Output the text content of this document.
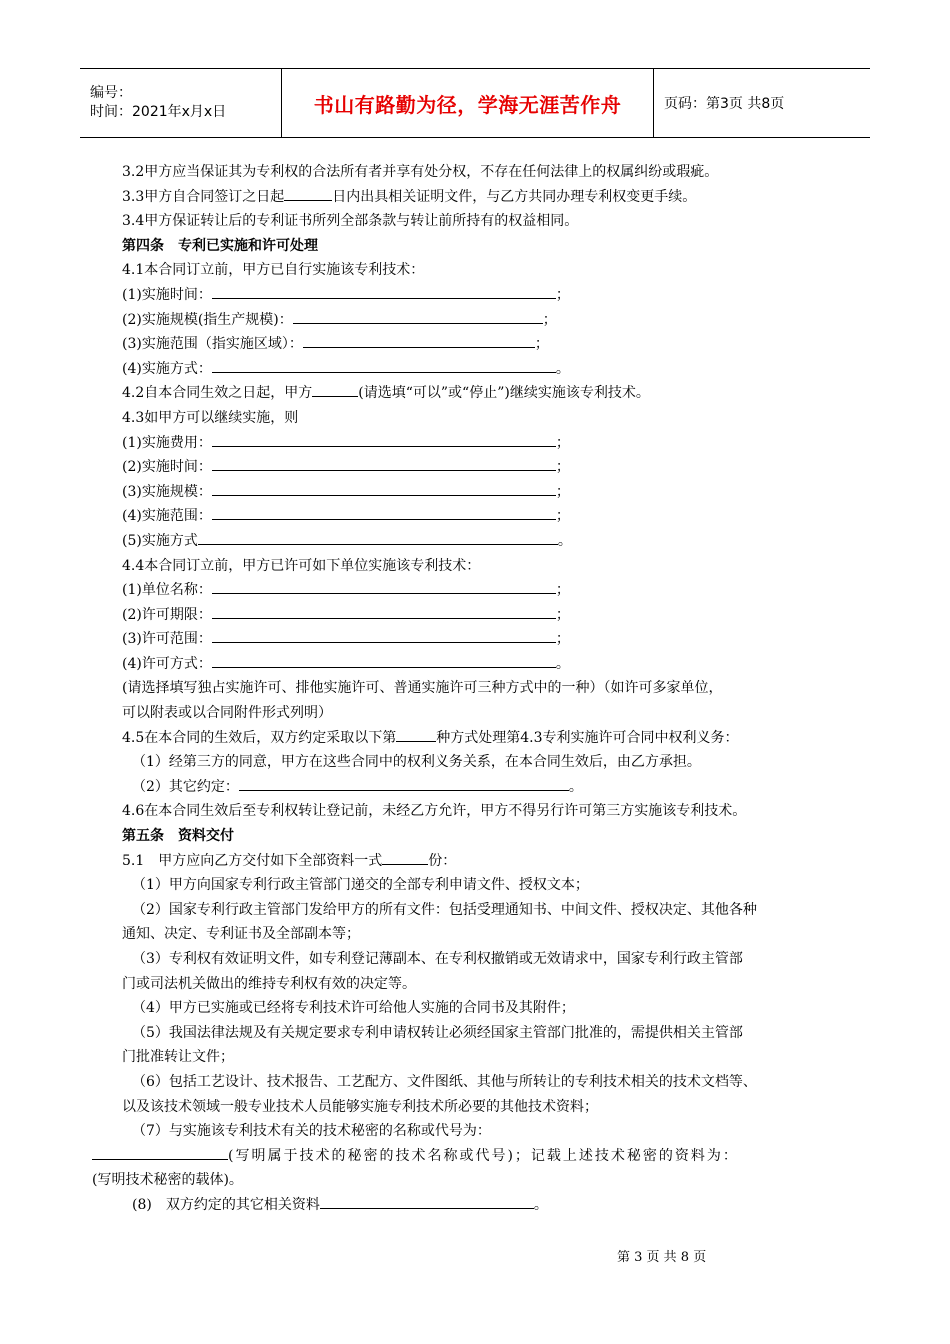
编号：
时间：2021年x月x日	书山有路勤为径，学海无涯苦作舟	页码：第3页 共8页
3.2甲方应当保证其为专利权的合法所有者并享有处分权，不存在任何法律上的权属纠纷或瑕疵。
3.3甲方自合同签订之日起	日内出具相关证明文件，与乙方共同办理专利权变更手续。
3.4甲方保证转让后的专利证书所列全部条款与转让前所持有的权益相同。
第四条　专利已实施和许可处理
4.1本合同订立前，甲方已自行实施该专利技术：
(1)实施时间：	；
(2)实施规模(指生产规模)：	；
(3)实施范围（指实施区域）：	；
(4)实施方式：	。
4.2自本合同生效之日起，甲方	(请选填“可以”或“停止”)继续实施该专利技术。
4.3如甲方可以继续实施，则
(1)实施费用：	；
(2)实施时间：	；
(3)实施规模：	；
(4)实施范围：	；
(5)实施方式	。
4.4本合同订立前，甲方已许可如下单位实施该专利技术：
(1)单位名称：	；
(2)许可期限：	；
(3)许可范围：	；
(4)许可方式：	。
(请选择填写独占实施许可、排他实施许可、普通实施许可三种方式中的一种）（如许可多家单位，
可以附表或以合同附件形式列明）
4.5在本合同的生效后，双方约定采取以下第	种方式处理第4.3专利实施许可合同中权利义务：
（1）经第三方的同意，甲方在这些合同中的权利义务关系，在本合同生效后，由乙方承担。
（2）其它约定：	。
4.6在本合同生效后至专利权转让登记前，未经乙方允许，甲方不得另行许可第三方实施该专利技术。
第五条　资料交付
5.1　甲方应向乙方交付如下全部资料一式	份：
（1）甲方向国家专利行政主管部门递交的全部专利申请文件、授权文本；
（2）国家专利行政主管部门发给甲方的所有文件：包括受理通知书、中间文件、授权决定、其他各种
通知、决定、专利证书及全部副本等；
（3）专利权有效证明文件，如专利登记薄副本、在专利权撤销或无效请求中，国家专利行政主管部
门或司法机关做出的维持专利权有效的决定等。
（4）甲方已实施或已经将专利技术许可给他人实施的合同书及其附件；
（5）我国法律法规及有关规定要求专利申请权转让必须经国家主管部门批准的，需提供相关主管部
门批准转让文件；
（6）包括工艺设计、技术报告、工艺配方、文件图纸、其他与所转让的专利技术相关的技术文档等、
以及该技术领域一般专业技术人员能够实施专利技术所必要的其他技术资料；
（7）与实施该专利技术有关的技术秘密的名称或代号为：
(写明属于技术的秘密的技术名称或代号)；记载上述技术秘密的资料为：
(写明技术秘密的载体)。
(8)　双方约定的其它相关资料	。
第 3 页 共 8 页
